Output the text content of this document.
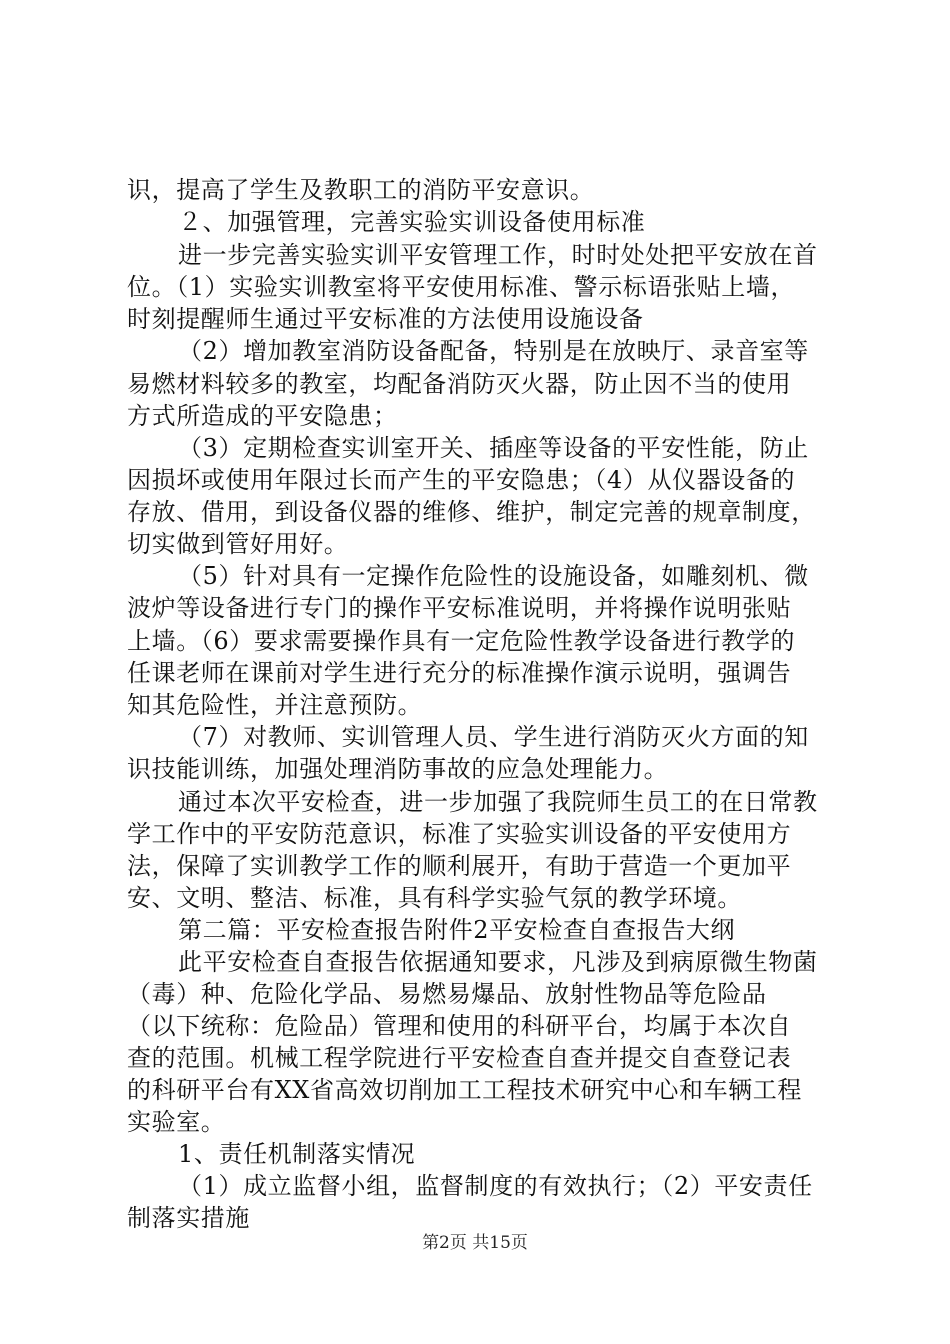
识，提高了学生及教职工的消防平安意识。
２、加强管理，完善实验实训设备使用标准
进一步完善实验实训平安管理工作，时时处处把平安放在首
位。（1）实验实训教室将平安使用标准、警示标语张贴上墙，
时刻提醒师生通过平安标准的方法使用设施设备
（2）增加教室消防设备配备，特别是在放映厅、录音室等
易燃材料较多的教室，均配备消防灭火器，防止因不当的使用
方式所造成的平安隐患；
（3）定期检查实训室开关、插座等设备的平安性能，防止
因损坏或使用年限过长而产生的平安隐患；（4）从仪器设备的
存放、借用，到设备仪器的维修、维护，制定完善的规章制度，
切实做到管好用好。
（5）针对具有一定操作危险性的设施设备，如雕刻机、微
波炉等设备进行专门的操作平安标准说明，并将操作说明张贴
上墙。（6）要求需要操作具有一定危险性教学设备进行教学的
任课老师在课前对学生进行充分的标准操作演示说明，强调告
知其危险性，并注意预防。
（7）对教师、实训管理人员、学生进行消防灭火方面的知
识技能训练，加强处理消防事故的应急处理能力。
通过本次平安检查，进一步加强了我院师生员工的在日常教
学工作中的平安防范意识，标准了实验实训设备的平安使用方
法，保障了实训教学工作的顺利展开，有助于营造一个更加平
安、文明、整洁、标准，具有科学实验气氛的教学环境。
第二篇：平安检查报告附件2平安检查自查报告大纲
此平安检查自查报告依据通知要求，凡涉及到病原微生物菌
（毒）种、危险化学品、易燃易爆品、放射性物品等危险品
（以下统称：危险品）管理和使用的科研平台，均属于本次自
查的范围。机械工程学院进行平安检查自查并提交自查登记表
的科研平台有XX省高效切削加工工程技术研究中心和车辆工程
实验室。
1、责任机制落实情况
（1）成立监督小组，监督制度的有效执行；（2）平安责任
制落实措施
第2页 共15页
